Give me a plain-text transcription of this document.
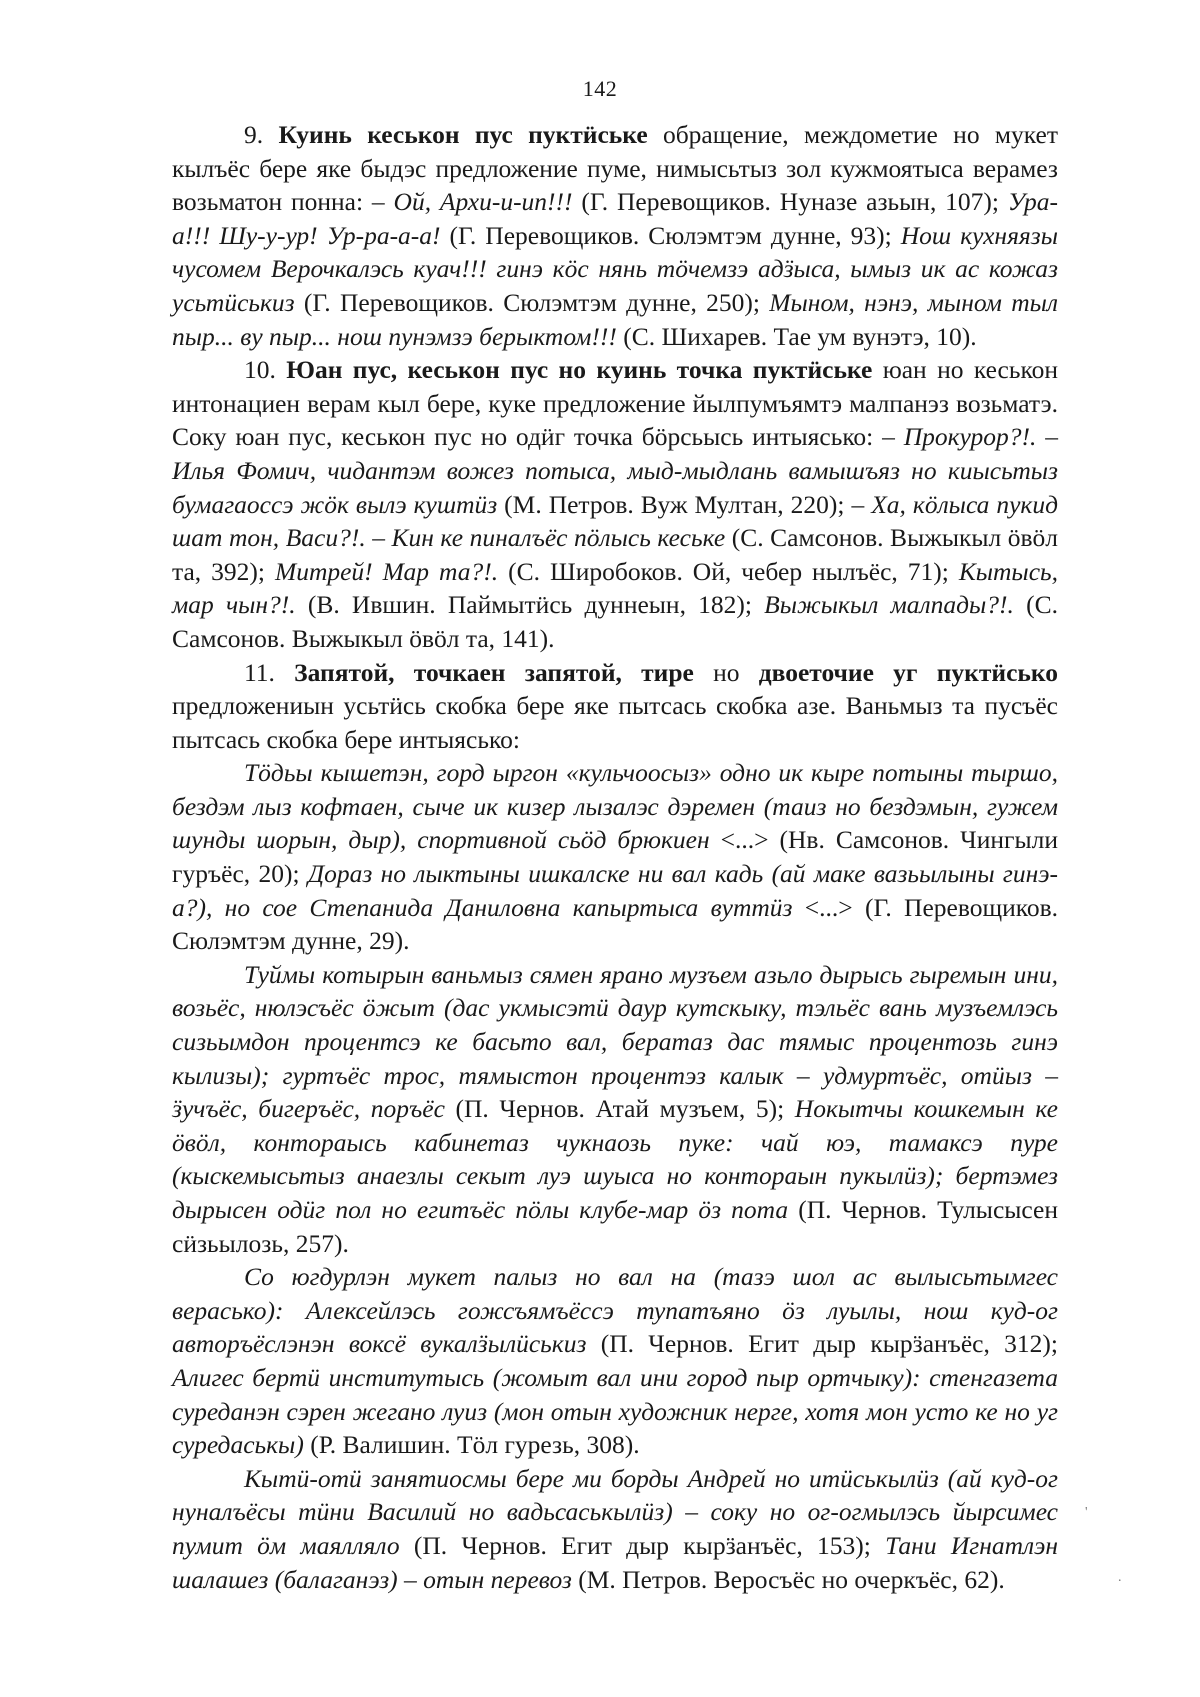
142

9. Куинь кеськон пус пуктӥське обращение, междометие но мукет кылъёс бере яке быдэс предложение пуме, нимысьтыз зол кужмоятыса верамез возьматон понна: – Ой, Архи-и-ип!!! (Г. Перевощиков. Нуназе азьын, 107); Ура-а!!! Шу-у-ур! Ур-ра-а-а! (Г. Перевощиков. Сюлэмтэм дунне, 93); Нош кухняязы чусомем Верочкалэсь куач!!! гинэ кöс нянь тöчемзэ адӟыса, ымыз ик ас кожаз усьтӥськиз (Г. Перевощиков. Сюлэмтэм дунне, 250); Мыном, нэнэ, мыном тыл пыр... ву пыр... нош пунэмзэ берыктом!!! (С. Шихарев. Тае ум вунэтэ, 10).

10. Юан пус, кеськон пус но куинь точка пуктӥське юан но кеськон интонациен верам кыл бере, куке предложение йылпумъямтэ малпанэз возьматэ. Соку юан пус, кеськон пус но одӥг точка бöрсьысь интыясько: – Прокурор?!. – Илья Фомич, чидантэм вожез потыса, мыд-мыдлань вамышъяз но киысьтыз бумагаоссэ жöк вылэ куштӥз (М. Петров. Вуж Мултан, 220); – Ха, кöлыса пукид шат тон, Васи?!. – Кин ке пиналъёс пöлысь кеське (С. Самсонов. Выжыкыл öвöл та, 392); Митрей! Мар та?!. (С. Широбоков. Ой, чебер нылъёс, 71); Кытысь, мар чын?!. (В. Ившин. Паймытӥсь дуннеын, 182); Выжыкыл малпады?!. (С. Самсонов. Выжыкыл öвöл та, 141).

11. Запятой, точкаен запятой, тире но двоеточие уг пуктӥсько предложениын усьтӥсь скобка бере яке пытсась скобка азе. Ваньмыз та пусъёс пытсась скобка бере интыясько:

Тöдьы кышетэн, горд ыргон «кульчоосыз» одно ик кыре потыны тыршо, бездэм лыз кофтаен, сыче ик кизер лызалэс дэремен (таиз но бездэмын, гужем шунды шорын, дыр), спортивной сьöд брюкиен <...> (Нв. Самсонов. Чингыли гуръёс, 20); Дораз но лыктыны ишкалске ни вал кадь (ай маке вазьылыны гинэ-а?), но сое Степанида Даниловна капыртыса вуттӥз <...> (Г. Перевощиков. Сюлэмтэм дунне, 29).

Туймы котырын ваньмыз сямен ярано музъем азьло дырысь гыремын ини, возьёс, нюлэсъёс öжыт (дас укмысэтӥ даур кутскыку, тэльёс вань музъемлэсь сизьымдон процентсэ ке басьто вал, бератаз дас тямыс процентозь гинэ кылизы); гуртъёс трос, тямыстон процентэз калык – удмуртъёс, отӥыз – ӟучъёс, бигеръёс, поръёс (П. Чернов. Атай музъем, 5); Нокытчы кошкемын ке öвöл, контораысь кабинетаз чукнаозь пуке: чай юэ, тамаксэ пуре (кыскемысьтыз анаезлы секыт луэ шуыса но конторaын пукылӥз); бертэмез дырысен одӥг пол но егитъёс пöлы клубе-мар öз пота (П. Чернов. Тулысысен сӥзьылозь, 257).

Со югдурлэн мукет палыз но вал на (тазэ шол ас вылысьтымгес верасько): Алексейлэсь гожсъямъёссэ тупатъяно öз луылы, нош куд-ог авторъёслэнэн воксё вукалӟылӥськиз (П. Чернов. Егит дыр кырӟанъёс, 312); Алигес бертӥ институтысь (жомыт вал ини город пыр ортчыку): стенгазета суреданэн сэрен жегано луиз (мон отын художник нерге, хотя мон усто ке но уг суредаськы) (Р. Валишин. Тöл гурезь, 308).

Кытӥ-отӥ занятиосмы бере ми борды Андрей но итӥськылӥз (ай куд-ог нуналъёсы тӥни Василий но вадьсаськылӥз) – соку но ог-огмылэсь йырсимес пумит öм маялляло (П. Чернов. Егит дыр кырӟанъёс, 153); Тани Игнатлэн шалашез (балаганэз) – отын перевоз (М. Петров. Веросъёс но очеркъёс, 62).

'
.
